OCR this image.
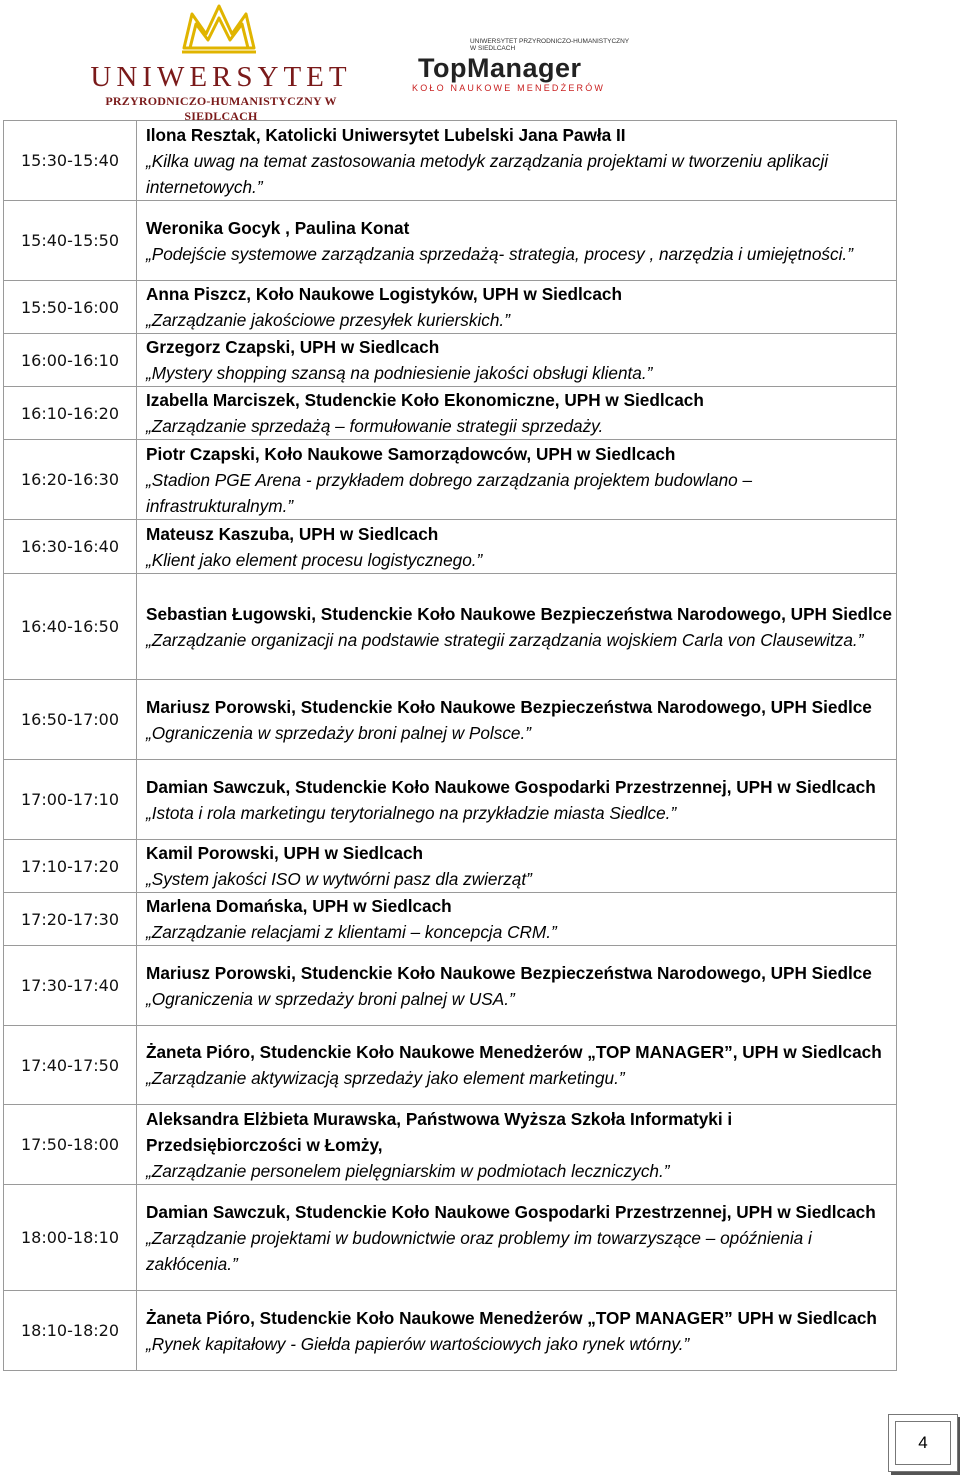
UNIWERSYTET
PRZYRODNICZO-HUMANISTYCZNY W SIEDLCACH
UNIWERSYTET PRZYRODNICZO-HUMANISTYCZNY
W SIEDLCACH
TopManager
KOŁO NAUKOWE MENEDŻERÓW
15:30-15:40	Ilona Resztak, Katolicki Uniwersytet Lubelski Jana Pawła II
„Kilka uwag na temat zastosowania metodyk zarządzania projektami w tworzeniu aplikacji internetowych.”

15:40-15:50	Weronika Gocyk , Paulina Konat
„Podejście systemowe zarządzania sprzedażą- strategia, procesy , narzędzia i umiejętności.”

15:50-16:00	Anna Piszcz, Koło Naukowe Logistyków, UPH w Siedlcach
„Zarządzanie jakościowe przesyłek kurierskich.”

16:00-16:10	Grzegorz Czapski, UPH w Siedlcach
„Mystery shopping szansą na podniesienie jakości obsługi klienta.”

16:10-16:20	Izabella Marciszek, Studenckie Koło Ekonomiczne, UPH w Siedlcach
„Zarządzanie sprzedażą – formułowanie strategii sprzedaży.

16:20-16:30	Piotr Czapski, Koło Naukowe Samorządowców, UPH w Siedlcach
„Stadion PGE Arena - przykładem dobrego zarządzania projektem budowlano – infrastrukturalnym.”

16:30-16:40	Mateusz Kaszuba, UPH w Siedlcach
„Klient jako element procesu logistycznego.”

16:40-16:50	Sebastian Ługowski, Studenckie Koło Naukowe Bezpieczeństwa Narodowego, UPH Siedlce
„Zarządzanie organizacji na podstawie strategii zarządzania wojskiem Carla von Clausewitza.”

16:50-17:00	Mariusz Porowski, Studenckie Koło Naukowe Bezpieczeństwa Narodowego, UPH Siedlce
„Ograniczenia w sprzedaży broni palnej w Polsce.”

17:00-17:10	Damian Sawczuk, Studenckie Koło Naukowe Gospodarki Przestrzennej, UPH w Siedlcach
„Istota i rola marketingu terytorialnego na przykładzie miasta Siedlce.”

17:10-17:20	Kamil Porowski, UPH w Siedlcach
„System jakości ISO w wytwórni pasz dla zwierząt”

17:20-17:30	Marlena Domańska, UPH w Siedlcach
„Zarządzanie relacjami z klientami – koncepcja CRM.”

17:30-17:40	Mariusz Porowski, Studenckie Koło Naukowe Bezpieczeństwa Narodowego, UPH Siedlce
„Ograniczenia w sprzedaży broni palnej w USA.”

17:40-17:50	Żaneta Pióro, Studenckie Koło Naukowe Menedżerów „TOP MANAGER”, UPH w Siedlcach
„Zarządzanie aktywizacją sprzedaży jako element marketingu.”

17:50-18:00	Aleksandra Elżbieta Murawska, Państwowa Wyższa Szkoła Informatyki i Przedsiębiorczości w Łomży,
„Zarządzanie personelem pielęgniarskim w podmiotach leczniczych.”

18:00-18:10	Damian Sawczuk, Studenckie Koło Naukowe Gospodarki Przestrzennej, UPH w Siedlcach
„Zarządzanie projektami w budownictwie oraz problemy im towarzyszące – opóźnienia i zakłócenia.”

18:10-18:20	Żaneta Pióro, Studenckie Koło Naukowe Menedżerów „TOP MANAGER” UPH w Siedlcach
„Rynek kapitałowy - Giełda papierów wartościowych jako rynek wtórny.”
4
